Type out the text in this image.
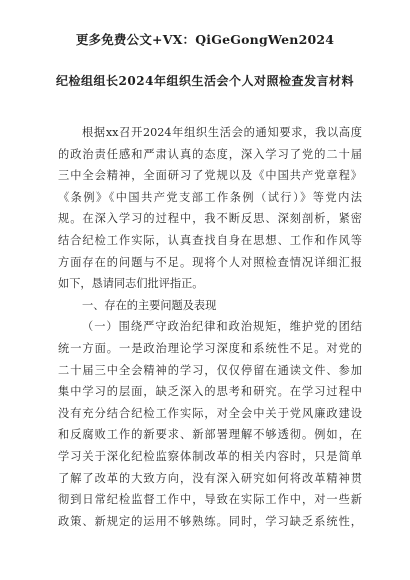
更多免费公文+VX：QiGeGongWen2024
纪检组组长2024年组织生活会个人对照检查发言材料
根据xx召开2024年组织生活会的通知要求，我以高度
的政治责任感和严肃认真的态度，深入学习了党的二十届
三中全会精神，全面研习了党规以及《中国共产党章程》
《条例》《中国共产党支部工作条例（试行）》等党内法
规。在深入学习的过程中，我不断反思、深刻剖析，紧密
结合纪检工作实际，认真查找自身在思想、工作和作风等
方面存在的问题与不足。现将个人对照检查情况详细汇报
如下，恳请同志们批评指正。
一、存在的主要问题及表现
（一）围绕严守政治纪律和政治规矩，维护党的团结
统一方面。一是政治理论学习深度和系统性不足。对党的
二十届三中全会精神的学习，仅仅停留在通读文件、参加
集中学习的层面，缺乏深入的思考和研究。在学习过程中
没有充分结合纪检工作实际，对全会中关于党风廉政建设
和反腐败工作的新要求、新部署理解不够透彻。例如，在
学习关于深化纪检监察体制改革的相关内容时，只是简单
了解了改革的大致方向，没有深入研究如何将改革精神贯
彻到日常纪检监督工作中，导致在实际工作中，对一些新
政策、新规定的运用不够熟练。同时，学习缺乏系统性，
